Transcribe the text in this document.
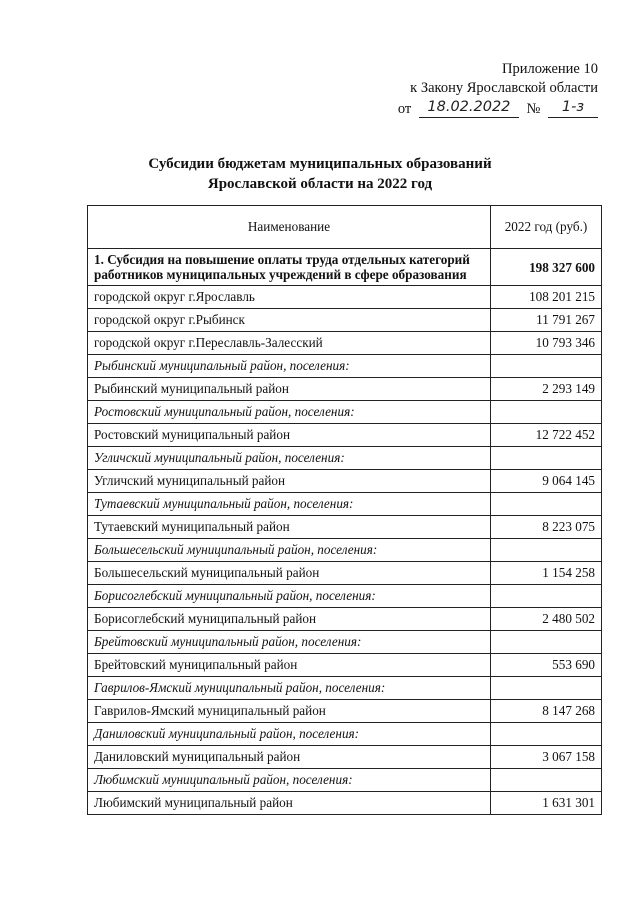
Приложение 10
к Закону Ярославской области
от 18.02.2022 № 1-з
Субсидии бюджетам муниципальных образований
Ярославской области на 2022 год
Наименование	2022 год (руб.)
1. Субсидия на повышение оплаты труда отдельных категорий работников муниципальных учреждений в сфере образования	198 327 600
городской округ г.Ярославль	108 201 215
городской округ г.Рыбинск	11 791 267
городской округ г.Переславль-Залесский	10 793 346
Рыбинский муниципальный район, поселения:	
Рыбинский муниципальный район	2 293 149
Ростовский муниципальный район, поселения:	
Ростовский муниципальный район	12 722 452
Угличский муниципальный район, поселения:	
Угличский муниципальный район	9 064 145
Тутаевский муниципальный район, поселения:	
Тутаевский муниципальный район	8 223 075
Большесельский муниципальный район, поселения:	
Большесельский муниципальный район	1 154 258
Борисоглебский муниципальный район, поселения:	
Борисоглебский муниципальный район	2 480 502
Брейтовский муниципальный район, поселения:	
Брейтовский муниципальный район	553 690
Гаврилов-Ямский муниципальный район, поселения:	
Гаврилов-Ямский муниципальный район	8 147 268
Даниловский муниципальный район, поселения:	
Даниловский муниципальный район	3 067 158
Любимский муниципальный район, поселения:	
Любимский муниципальный район	1 631 301
